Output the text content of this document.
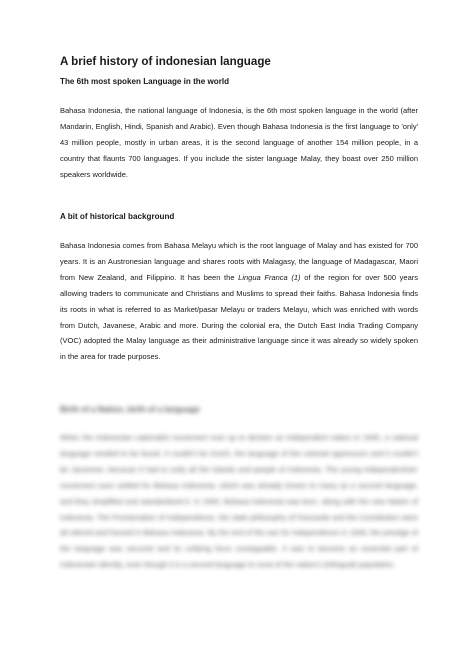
A brief history of indonesian language
The 6th most spoken Language in the world

Bahasa Indonesia, the national language of Indonesia, is the 6th most spoken language in the world (after Mandarin, English, Hindi, Spanish and Arabic). Even though Bahasa Indonesia is the first language to 'only' 43 million people, mostly in urban areas, it is the second language of another 154 million people, in a country that flaunts 700 languages. If you include the sister language Malay, they boast over 250 million speakers worldwide.

A bit of historical background

Bahasa Indonesia comes from Bahasa Melayu which is the root language of Malay and has existed for 700 years. It is an Austronesian language and shares roots with Malagasy, the language of Madagascar, Maori from New Zealand, and Filippino. It has been the Lingua Franca (1) of the region for over 500 years allowing traders to communicate and Christians and Muslims to spread their faiths. Bahasa Indonesia finds its roots in what is referred to as Market/pasar Melayu or traders Melayu, which was enriched with words from Dutch, Javanese, Arabic and more. During the colonial era, the Dutch East India Trading Company (VOC) adopted the Malay language as their administrative language since it was already so widely spoken in the area for trade purposes.

Birth of a Nation, birth of a language

When the Indonesian nationalist movement rose up to declare an independent nation in 1945, a national language needed to be found. It couldn't be Dutch, the language of the colonial oppressors and it couldn't be Javanese, because it had to unify all the islands and people of Indonesia. The young independentists' movement soon settled for Bahasa Indonesia, which was already known to many as a second language, and they simplified and standardized it. In 1945, Bahasa Indonesia was born, along with the new Nation of Indonesia. The Proclamation of Independence, the state philosophy of Pancasila and the Constitution were all uttered and framed in Bahasa Indonesia. By the end of the war for independence in 1949, the prestige of the language was secured and its unifying force unstoppable. It was to become an essential part of Indonesian identity, even though it is a second language to most of the nation's (trilingual) population.
